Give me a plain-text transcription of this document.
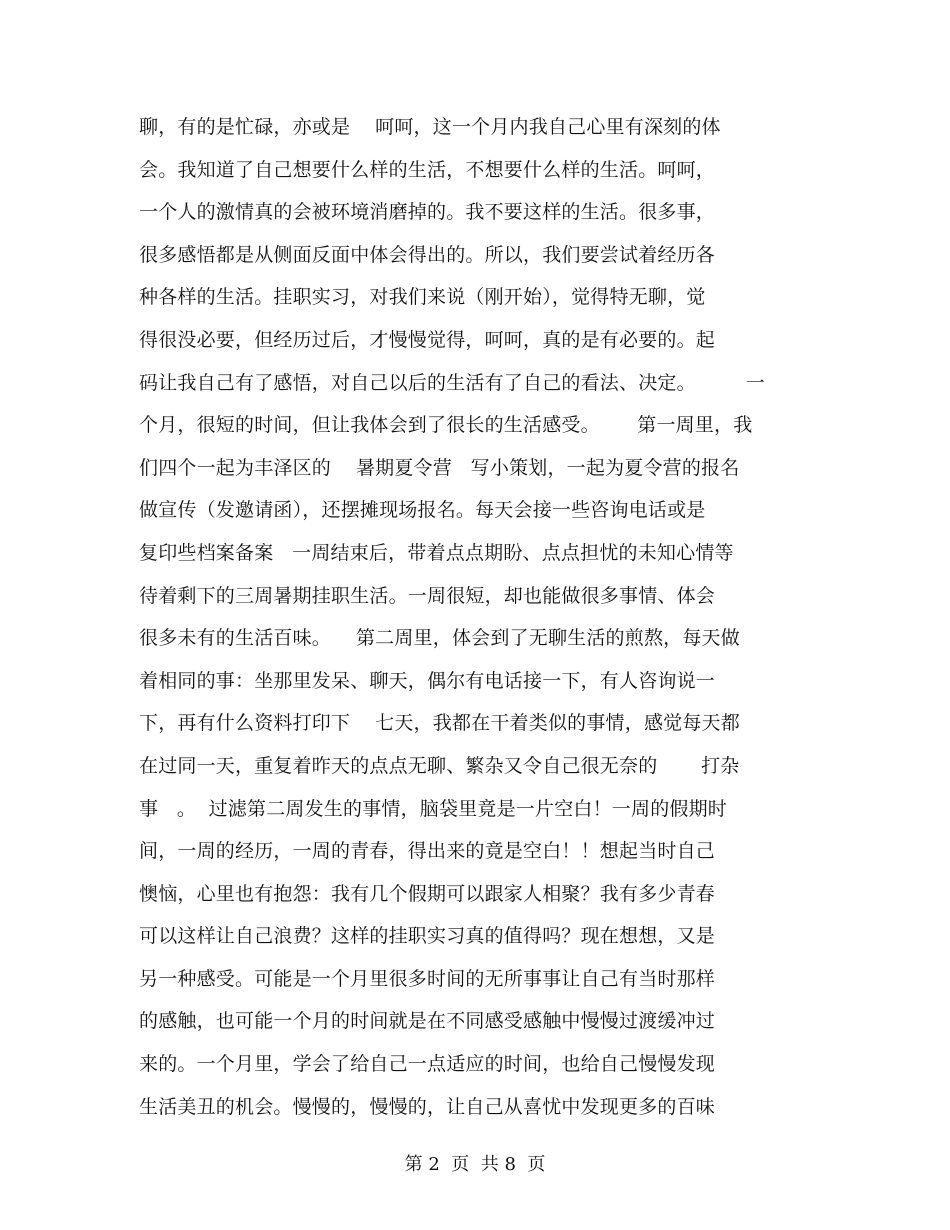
聊，有的是忙碌，亦或是    呵呵，这一个月内我自己心里有深刻的体
会。我知道了自己想要什么样的生活，不想要什么样的生活。呵呵，
一个人的激情真的会被环境消磨掉的。我不要这样的生活。很多事，
很多感悟都是从侧面反面中体会得出的。所以，我们要尝试着经历各
种各样的生活。挂职实习，对我们来说（刚开始），觉得特无聊，觉
得很没必要，但经历过后，才慢慢觉得，呵呵，真的是有必要的。起
码让我自己有了感悟，对自己以后的生活有了自己的看法、决定。        一
个月，很短的时间，但让我体会到了很长的生活感受。      第一周里，我
们四个一起为丰泽区的    暑期夏令营   写小策划，一起为夏令营的报名
做宣传（发邀请函），还摆摊现场报名。每天会接一些咨询电话或是
复印些档案备案   一周结束后，带着点点期盼、点点担忧的未知心情等
待着剩下的三周暑期挂职生活。一周很短，却也能做很多事情、体会
很多未有的生活百味。    第二周里，体会到了无聊生活的煎熬，每天做
着相同的事：坐那里发呆、聊天，偶尔有电话接一下，有人咨询说一
下，再有什么资料打印下    七天，我都在干着类似的事情，感觉每天都
在过同一天，重复着昨天的点点无聊、繁杂又令自己很无奈的       打杂
事   。  过滤第二周发生的事情，脑袋里竟是一片空白！一周的假期时
间，一周的经历，一周的青春，得出来的竟是空白！！想起当时自己
懊恼，心里也有抱怨：我有几个假期可以跟家人相聚？我有多少青春
可以这样让自己浪费？这样的挂职实习真的值得吗？现在想想，又是
另一种感受。可能是一个月里很多时间的无所事事让自己有当时那样
的感触，也可能一个月的时间就是在不同感受感触中慢慢过渡缓冲过
来的。一个月里，学会了给自己一点适应的时间，也给自己慢慢发现
生活美丑的机会。慢慢的，慢慢的，让自己从喜忧中发现更多的百味
第 2  页  共 8  页
